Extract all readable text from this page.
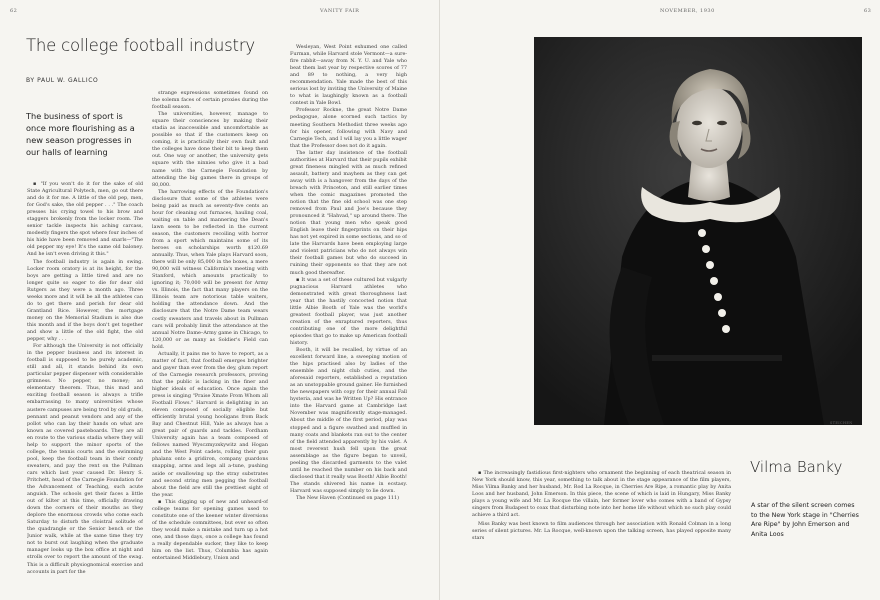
62	VANITY FAIR
The college football industry
BY PAUL W. GALLICO
The business of sport is once more flourishing as a new season progresses in our halls of learning

▪ "If you won't do it for the sake of old State Agricultural Polytech, men, go out there and do it for me. A little of the old pep, men, for God's sake, the old pepper . . ." The coach presses his crying towel to his brow and staggers brokenly from the locker room. The senior tackle inspects his aching carcass, modestly fingers the spot where four inches of his hide have been removed and snarls—"The old pepper my eye! It's the same old baloney. And he isn't even driving it this."

The football industry is again in swing. Locker room oratory is at its height, for the boys are getting a little tired and are no longer quite so eager to die for dear old Rutgers as they were a month ago. Three weeks more and it will be all the athletes can do to get there and perish for dear old Grantland Rice. However, the mortgage money on the Memorial Stadium is also due this month and if the boys don't get together and show a little of the old fight, the old pepper, why . . .

For although the University is not officially in the pepper business and its interest in football is supposed to be purely academic, still and all, it stands behind its own particular pepper dispenser with considerable grimness. No pepper, no money; an elementary theorem. Thus, this mad and exciting football season is always a trifle embarrassing to many universities whose austere campuses are being trod by old grads, pennant and peanut vendors and any of the pollot who can lay their hands on what are known as covered pasteboards. They are all en route to the various stadia where they will help to support the minor sports of the college, the tennis courts and the swimming pool, keep the football team in their comfy sweaters, and pay the rent on the Pullman cars which last year caused Dr. Henry S. Pritchett, head of the Carnegie Foundation for the Advancement of Teaching, such acute anguish. The schools get their faces a little out of kilter at this time, officially drawing down the corners of their mouths as they deplore the enormous crowds who come each Saturday to disturb the cloistral solitude of the quadrangle or the Senior bench or the Junior walk, while at the same time they try not to burst out laughing when the graduate manager looks up the box office at night and strolls over to report the amount of the swag. This is a difficult physiognomical exercise and accounts in part for the

strange expressions sometimes found on the solemn faces of certain proxies during the football season.

The universities, however, manage to square their consciences by making their stadia as inaccessible and uncomfortable as possible so that if the customers keep on coming, it is practically their own fault and the colleges have done their bit to keep them out. One way or another, the university gets square with the ninnies who give it a bad name with the Carnegie Foundation by attending the big games there in groups of 80,000.

The harrowing effects of the Foundation's disclosure that some of the athletes were being paid as much as seventy-five cents an hour for cleaning out furnaces, hauling coal, waiting on table and mannering the Dean's lawn seem to be reflected in the current season, the customers recoiling with horror from a sport which maintains some of its heroes on scholarships worth $120.69 annually. Thus, when Yale plays Harvard soon, there will be only 85,000 in the boxes, a mere 90,000 will witness California's meeting with Stanford, which amounts practically to ignoring it; 70,000 will be present for Army vs. Illinois, the fact that many players on the Illinois team are notorious table waiters, holding the attendance down. And the disclosure that the Notre Dame team wears costly sweaters and travels about in Pullman cars will probably limit the attendance at the annual Notre Dame–Army game in Chicago, to 120,000 or as many as Soldier's Field can hold.

Actually, it pains me to have to report, as a matter of fact, that football emerges brighter and gayer than ever from the dey, glum report of the Carnegie research professors, proving that the public is lacking in the finer and higher ideals of education. Once again the press is singing "Praise Xmate From Whom all Football Flows." Harvard is delighting in an eleven composed of socially eligible but efficiently brutal young hooligans from Back Bay and Chestnut Hill, Yale as always has a great pair of guards and tackles. Fordham University again has a team composed of fellows named Wysczmyzskywitz and Hogan and the West Point cadets, rolling their gun phalanx onto a gridiron, company guardons snapping, arms and legs all a-tune, pushing aside or swallowing up the stray substrates and second string men pegging the football about the field are still the prettiest sight of the year.

▪ This digging up of new and unheard-of college teams for opening games used to constitute one of the keener winter diversions of the schedule committees, but ever so often they would make a mistake and turn up a hot one, and those days, once a college has found a really dependable sucker, they like to keep him on the list. Thus, Columbia has again entertained Middlebury, Union and

NOVEMBER, 1930	63

Wesleyan, West Point exhumed one called Furman, while Harvard stole Vermont—a sure-fire rabbit—away from N. Y. U. and Yale who beat them last year by respective scores of 77 and 89 to nothing, a very high recommendation. Yale made the best of this serious lost by inviting the University of Maine to what is laughingly known as a football contest in Yale Bowl.

Professor Rockne, the great Notre Dame pedagogue, alone scorned such tactics by meeting Southern Methodist three weeks ago for his opener, following with Navy and Carnegie Tech, and I will lay you a little wager that the Professor does not do it again.

The latter day insistence of the football authorities at Harvard that their pupils exhibit great fineness mingled with as much refined assault, battery and mayhem as they can get away with is a hangover from the days of the breach with Princeton, and still earlier times when the comic magazines promoted the notion that the fine old school was one step removed from Paul and Joe's because they pronounced it "Hahvad," up around there. The notion that young men who speak good English leave their fingerprints on their hips has not yet expired in some sections, and so of late the Harvards have been employing large and violent patricians who do not always win their football games but who do succeed in ruining their opponents so that they are not much good thereafter.

▪ It was a set of these cultured but vulgarly pugnacious Harvard athletes who demonstrated with great thoroughness last year that the hastily concocted notion that little Albie Booth of Yale was the world's greatest football player, was just another creation of the enraptured reporters, thus contributing one of the more delightful episodes that go to make up American football history.

Booth, it will be recalled, by virtue of an excellent forward line, a sweeping motion of the hips practised also by ladies of the ensemble and night club cuties, and the aforesaid reporters, established a reputation as an unstoppable ground gainer. He furnished the newspapers with copy for their annual Fall hysteria, and was he Written Up? His entrance into the Harvard game at Cambridge last November was magnificently stage-managed. About the middle of the first period, play was stopped and a figure swathed and muffled in many coats and blankets ran out to the center of the field attended apparently by his valet. A most reverent hush fell upon the great assemblage as the figure began to unveil, peeling the discarded garments to the valet until he reached the number on his back and disclosed that it really was Booth! Albie Booth! The stands shivered his name in ecstasy. Harvard was supposed simply to lie down.

The New Haven (Continued on page 111)

STEICHEN
Vilma Banky
A star of the silent screen comes to the New York stage in "Cherries Are Ripe" by John Emerson and Anita Loos

▪ The increasingly fastidious first-nighters who ornament the beginning of each theatrical season in New York should know, this year, something to talk about in the stage appearance of the film players, Miss Vilma Banky and her husband, Mr. Rod La Rocque, in Cherries Are Ripe, a romantic play by Anita Loos and her husband, John Emerson. In this piece, the scene of which is laid in Hungary, Miss Banky plays a young wife and Mr. La Rocque the villain, her former lover who comes with a band of Gypsy singers from Budapest to coax that disturbing note into her home life without which no such play could achieve a third act.

Miss Banky was best known to film audiences through her association with Ronald Colman in a long series of silent pictures. Mr. La Rocque, well-known upon the talking screen, has played opposite many stars
